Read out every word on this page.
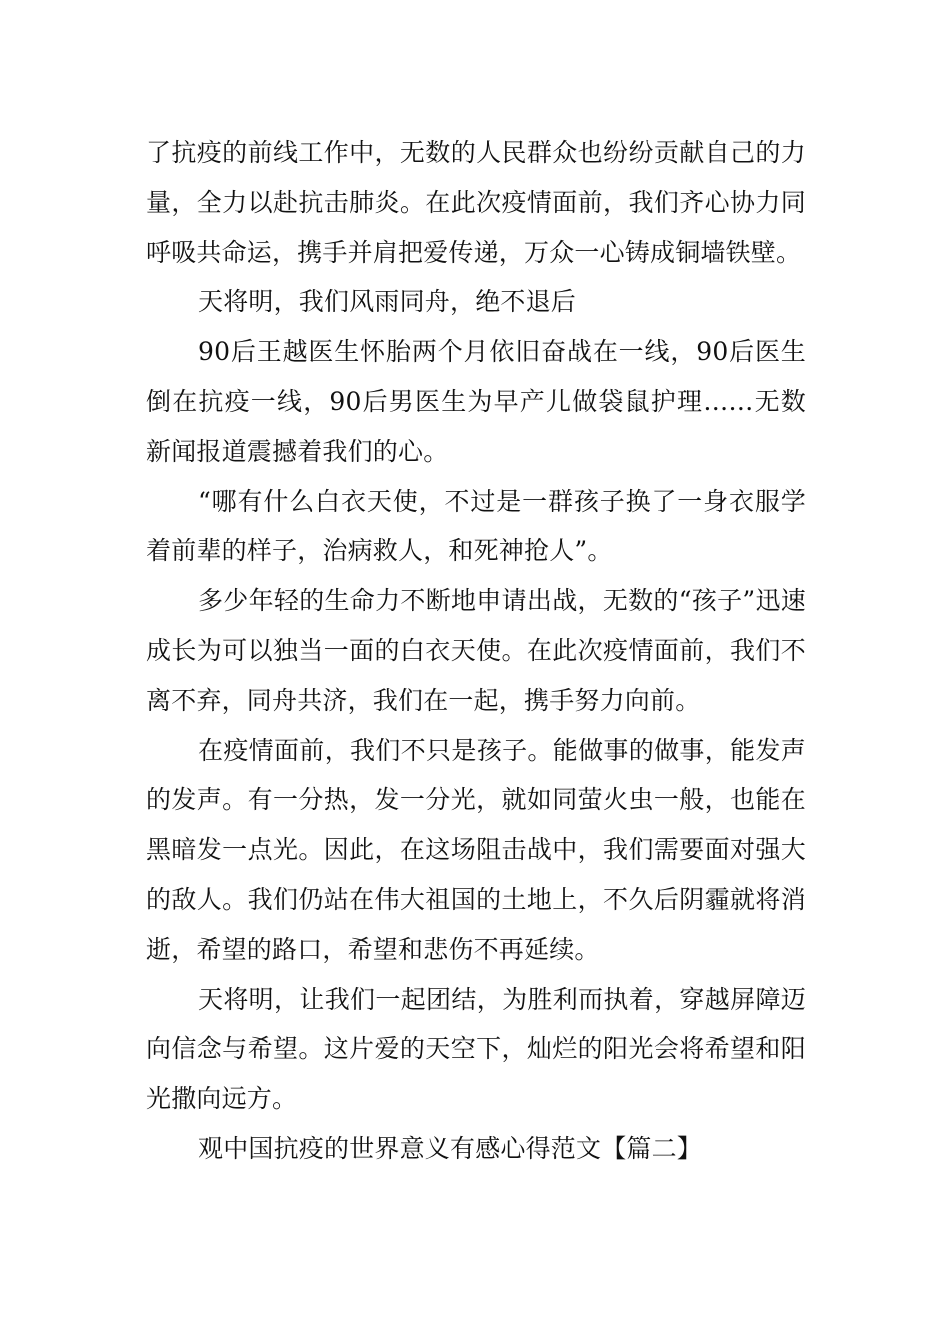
了抗疫的前线工作中，无数的人民群众也纷纷贡献自己的力量，全力以赴抗击肺炎。在此次疫情面前，我们齐心协力同呼吸共命运，携手并肩把爱传递，万众一心铸成铜墙铁壁。

天将明，我们风雨同舟，绝不退后

90后王越医生怀胎两个月依旧奋战在一线，90后医生倒在抗疫一线，90后男医生为早产儿做袋鼠护理……无数新闻报道震撼着我们的心。

“哪有什么白衣天使，不过是一群孩子换了一身衣服学着前辈的样子，治病救人，和死神抢人”。

多少年轻的生命力不断地申请出战，无数的“孩子”迅速成长为可以独当一面的白衣天使。在此次疫情面前，我们不离不弃，同舟共济，我们在一起，携手努力向前。

在疫情面前，我们不只是孩子。能做事的做事，能发声的发声。有一分热，发一分光，就如同萤火虫一般，也能在黑暗发一点光。因此，在这场阻击战中，我们需要面对强大的敌人。我们仍站在伟大祖国的土地上，不久后阴霾就将消逝，希望的路口，希望和悲伤不再延续。

天将明，让我们一起团结，为胜利而执着，穿越屏障迈向信念与希望。这片爱的天空下，灿烂的阳光会将希望和阳光撒向远方。

观中国抗疫的世界意义有感心得范文【篇二】
